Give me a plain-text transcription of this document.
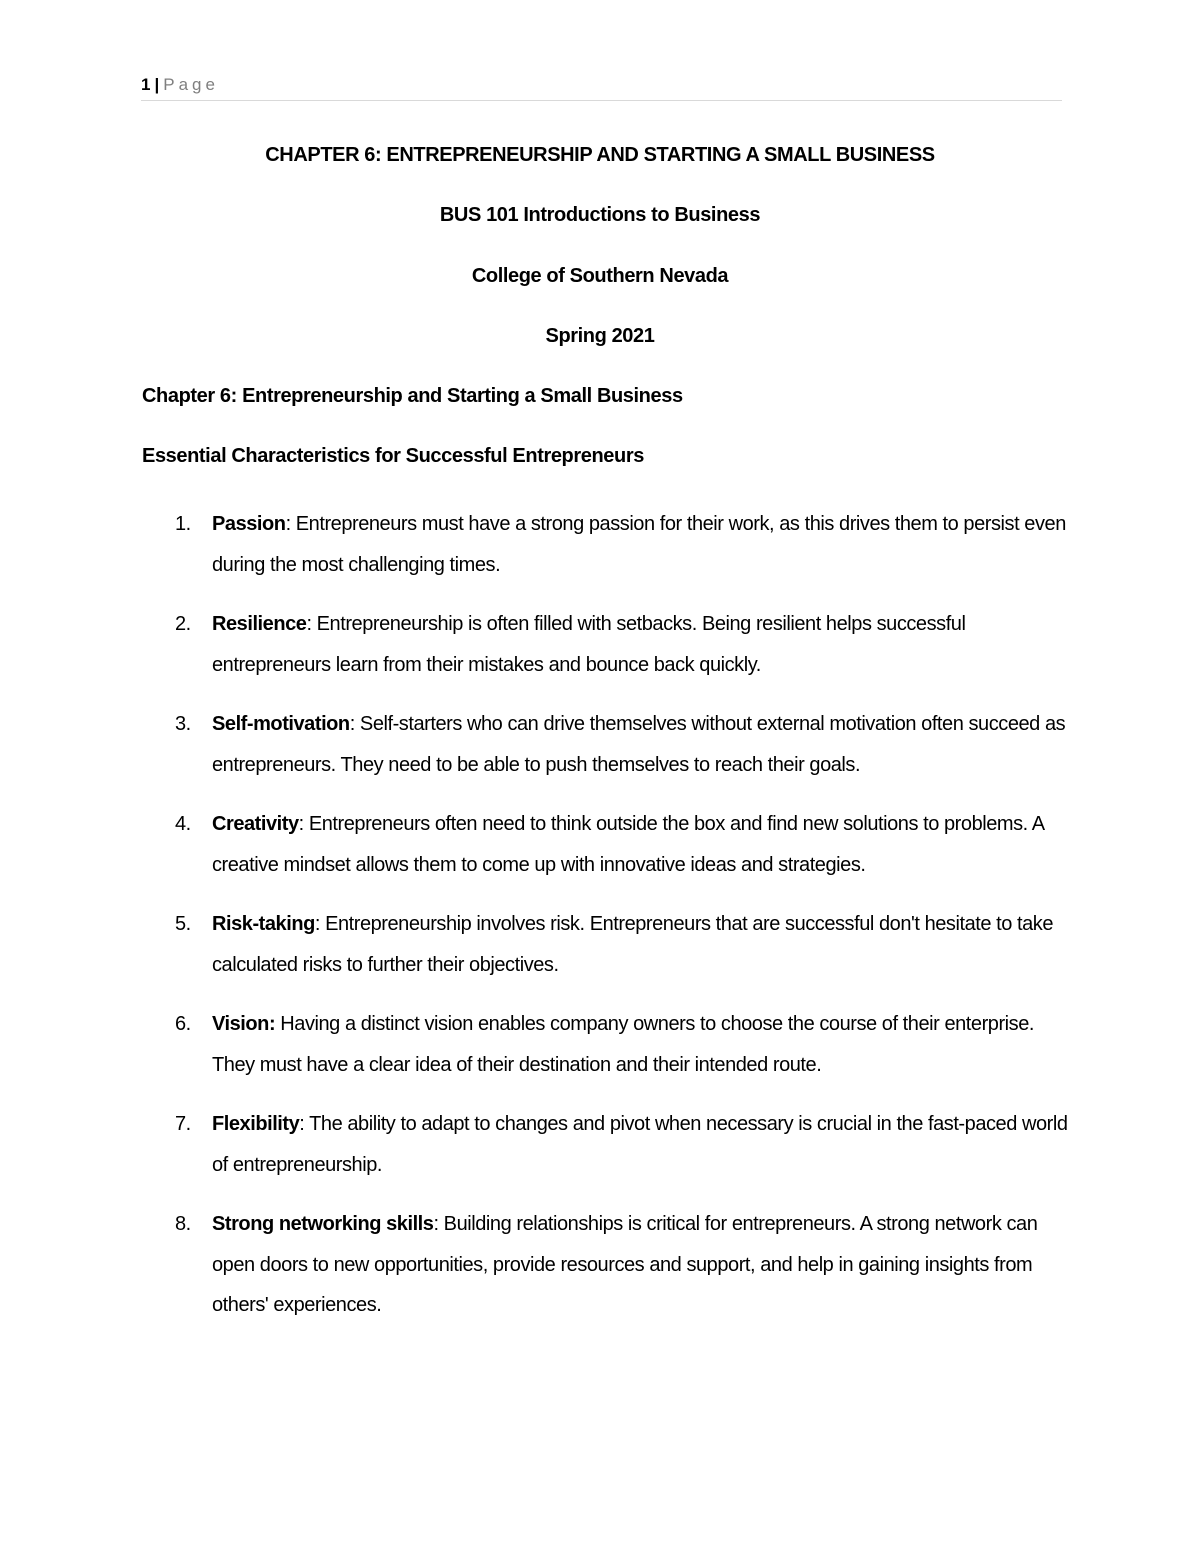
1 | Page
CHAPTER 6: ENTREPRENEURSHIP AND STARTING A SMALL BUSINESS
BUS 101 Introductions to Business
College of Southern Nevada
Spring 2021
Chapter 6: Entrepreneurship and Starting a Small Business
Essential Characteristics for Successful Entrepreneurs
1. Passion: Entrepreneurs must have a strong passion for their work, as this drives them to persist even during the most challenging times.
2. Resilience: Entrepreneurship is often filled with setbacks. Being resilient helps successful entrepreneurs learn from their mistakes and bounce back quickly.
3. Self-motivation: Self-starters who can drive themselves without external motivation often succeed as entrepreneurs. They need to be able to push themselves to reach their goals.
4. Creativity: Entrepreneurs often need to think outside the box and find new solutions to problems. A creative mindset allows them to come up with innovative ideas and strategies.
5. Risk-taking: Entrepreneurship involves risk. Entrepreneurs that are successful don't hesitate to take calculated risks to further their objectives.
6. Vision: Having a distinct vision enables company owners to choose the course of their enterprise. They must have a clear idea of their destination and their intended route.
7. Flexibility: The ability to adapt to changes and pivot when necessary is crucial in the fast-paced world of entrepreneurship.
8. Strong networking skills: Building relationships is critical for entrepreneurs. A strong network can open doors to new opportunities, provide resources and support, and help in gaining insights from others' experiences.
